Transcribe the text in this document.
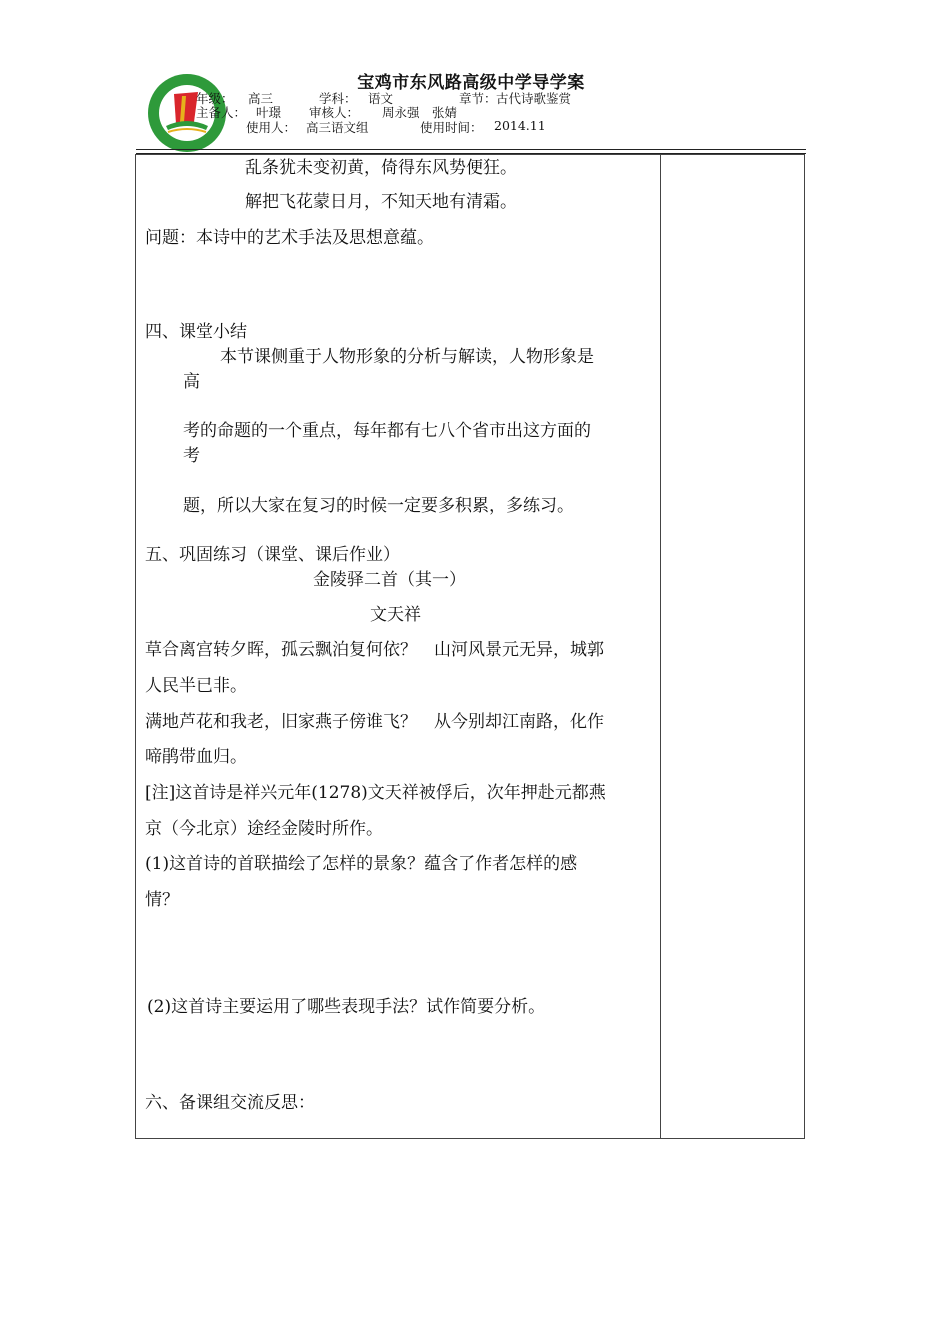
宝鸡市东风路高级中学导学案
年级： 高三	学科： 语文	章节： 古代诗歌鉴赏
主备人： 叶璟 审核人： 周永强　张婧
使用人： 高三语文组	使用时间： 2014.11
乱条犹未变初黄，倚得东风势便狂。
解把飞花蒙日月，不知天地有清霜。
问题：本诗中的艺术手法及思想意蕴。
四、课堂小结
本节课侧重于人物形象的分析与解读，人物形象是
高
考的命题的一个重点，每年都有七八个省市出这方面的
考
题，所以大家在复习的时候一定要多积累，多练习。
五、巩固练习（课堂、课后作业）
金陵驿二首（其一）
文天祥
草合离宫转夕晖，孤云飘泊复何依？　山河风景元无异，城郭
人民半已非。
满地芦花和我老，旧家燕子傍谁飞？　从今别却江南路，化作
啼鹃带血归。
[注]这首诗是祥兴元年(1278)文天祥被俘后，次年押赴元都燕
京（今北京）途经金陵时所作。
(1)这首诗的首联描绘了怎样的景象？蕴含了作者怎样的感
情？
(2)这首诗主要运用了哪些表现手法？试作简要分析。
六、备课组交流反思：
